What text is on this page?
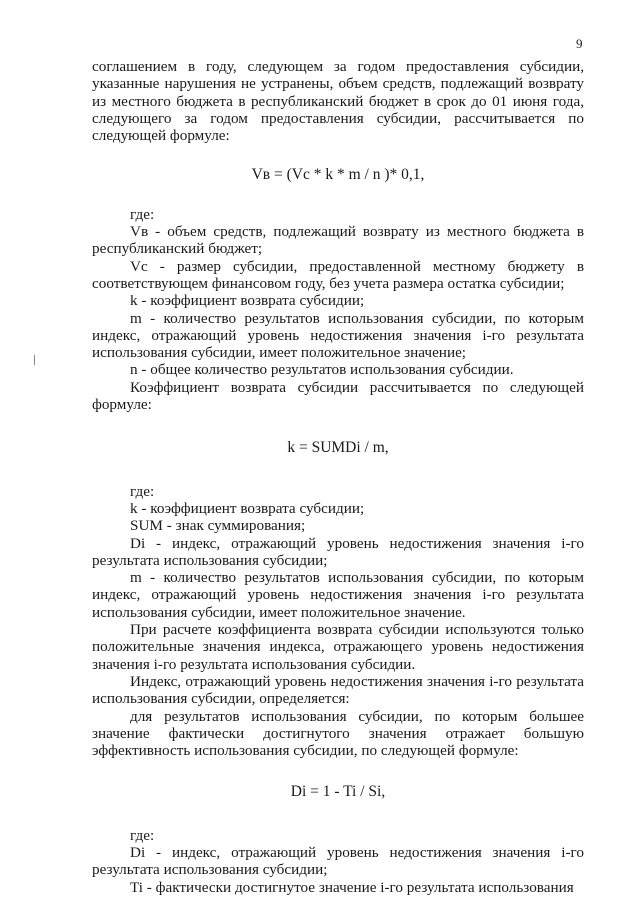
9

соглашением в году, следующем за годом предоставления субсидии, указанные нарушения не устранены, объем средств, подлежащий возврату из местного бюджета в республиканский бюджет в срок до 01 июня года, следующего за годом предоставления субсидии, рассчитывается по следующей формуле:

Vв = (Vс * k * m / n )* 0,1,

где:

Vв - объем средств, подлежащий возврату из местного бюджета в республиканский бюджет;

Vс - размер субсидии, предоставленной местному бюджету в соответствующем финансовом году, без учета размера остатка субсидии;

k - коэффициент возврата субсидии;

m - количество результатов использования субсидии, по которым индекс, отражающий уровень недостижения значения i-го результата использования субсидии, имеет положительное значение;

n - общее количество результатов использования субсидии.

Коэффициент возврата субсидии рассчитывается по следующей формуле:

k = SUMDi / m,

где:

k - коэффициент возврата субсидии;

SUM - знак суммирования;

Di - индекс, отражающий уровень недостижения значения i-го результата использования субсидии;

m - количество результатов использования субсидии, по которым индекс, отражающий уровень недостижения значения i-го результата использования субсидии, имеет положительное значение.

При расчете коэффициента возврата субсидии используются только положительные значения индекса, отражающего уровень недостижения значения i-го результата использования субсидии.

Индекс, отражающий уровень недостижения значения i-го результата использования субсидии, определяется:

для результатов использования субсидии, по которым большее значение фактически достигнутого значения отражает большую эффективность использования субсидии, по следующей формуле:

Di = 1 - Ti / Si,

где:

Di - индекс, отражающий уровень недостижения значения i-го результата использования субсидии;

Ti - фактически достигнутое значение i-го результата использования
